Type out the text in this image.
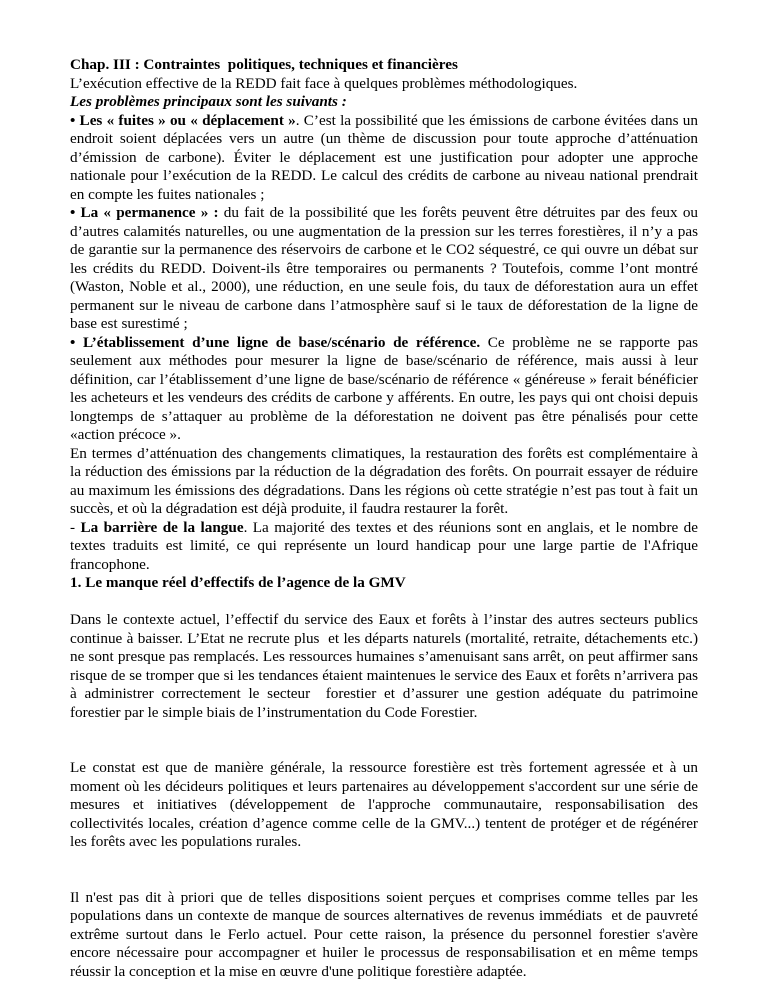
Chap. III : Contraintes  politiques, techniques et financières

L’exécution effective de la REDD fait face à quelques problèmes méthodologiques.

Les problèmes principaux sont les suivants :

• Les « fuites » ou « déplacement ». C’est la possibilité que les émissions de carbone évitées dans un endroit soient déplacées vers un autre (un thème de discussion pour toute approche d’atténuation d’émission de carbone). Éviter le déplacement est une justification pour adopter une approche nationale pour l’exécution de la REDD. Le calcul des crédits de carbone au niveau national prendrait en compte les fuites nationales ;

• La « permanence » : du fait de la possibilité que les forêts peuvent être détruites par des feux ou d’autres calamités naturelles, ou une augmentation de la pression sur les terres forestières, il n’y a pas de garantie sur la permanence des réservoirs de carbone et le CO2 séquestré, ce qui ouvre un débat sur les crédits du REDD. Doivent-ils être temporaires ou permanents ? Toutefois, comme l’ont montré (Waston, Noble et al., 2000), une réduction, en une seule fois, du taux de déforestation aura un effet permanent sur le niveau de carbone dans l’atmosphère sauf si le taux de déforestation de la ligne de base est surestimé ;

• L’établissement d’une ligne de base/scénario de référence. Ce problème ne se rapporte pas seulement aux méthodes pour mesurer la ligne de base/scénario de référence, mais aussi à leur définition, car l’établissement d’une ligne de base/scénario de référence « généreuse » ferait bénéficier les acheteurs et les vendeurs des crédits de carbone y afférents. En outre, les pays qui ont choisi depuis longtemps de s’attaquer au problème de la déforestation ne doivent pas être pénalisés pour cette «action précoce ».

En termes d’atténuation des changements climatiques, la restauration des forêts est complémentaire à la réduction des émissions par la réduction de la dégradation des forêts. On pourrait essayer de réduire au maximum les émissions des dégradations. Dans les régions où cette stratégie n’est pas tout à fait un succès, et où la dégradation est déjà produite, il faudra restaurer la forêt.

- La barrière de la langue. La majorité des textes et des réunions sont en anglais, et le nombre de textes traduits est limité, ce qui représente un lourd handicap pour une large partie de l'Afrique francophone.

1. Le manque réel d’effectifs de l’agence de la GMV

Dans le contexte actuel, l’effectif du service des Eaux et forêts à l’instar des autres secteurs publics continue à baisser. L’Etat ne recrute plus  et les départs naturels (mortalité, retraite, détachements etc.) ne sont presque pas remplacés. Les ressources humaines s’amenuisant sans arrêt, on peut affirmer sans risque de se tromper que si les tendances étaient maintenues le service des Eaux et forêts n’arrivera pas à administrer correctement le secteur  forestier et d’assurer une gestion adéquate du patrimoine forestier par le simple biais de l’instrumentation du Code Forestier.

Le constat est que de manière générale, la ressource forestière est très fortement agressée et à un moment où les décideurs politiques et leurs partenaires au développement s'accordent sur une série de mesures et initiatives (développement de l'approche communautaire, responsabilisation des collectivités locales, création d’agence comme celle de la GMV...) tentent de protéger et de régénérer les forêts avec les populations rurales.

Il n'est pas dit à priori que de telles dispositions soient perçues et comprises comme telles par les populations dans un contexte de manque de sources alternatives de revenus immédiats  et de pauvreté extrême surtout dans le Ferlo actuel. Pour cette raison, la présence du personnel forestier s'avère encore nécessaire pour accompagner et huiler le processus de responsabilisation et en même temps réussir la conception et la mise en œuvre d'une politique forestière adaptée.
